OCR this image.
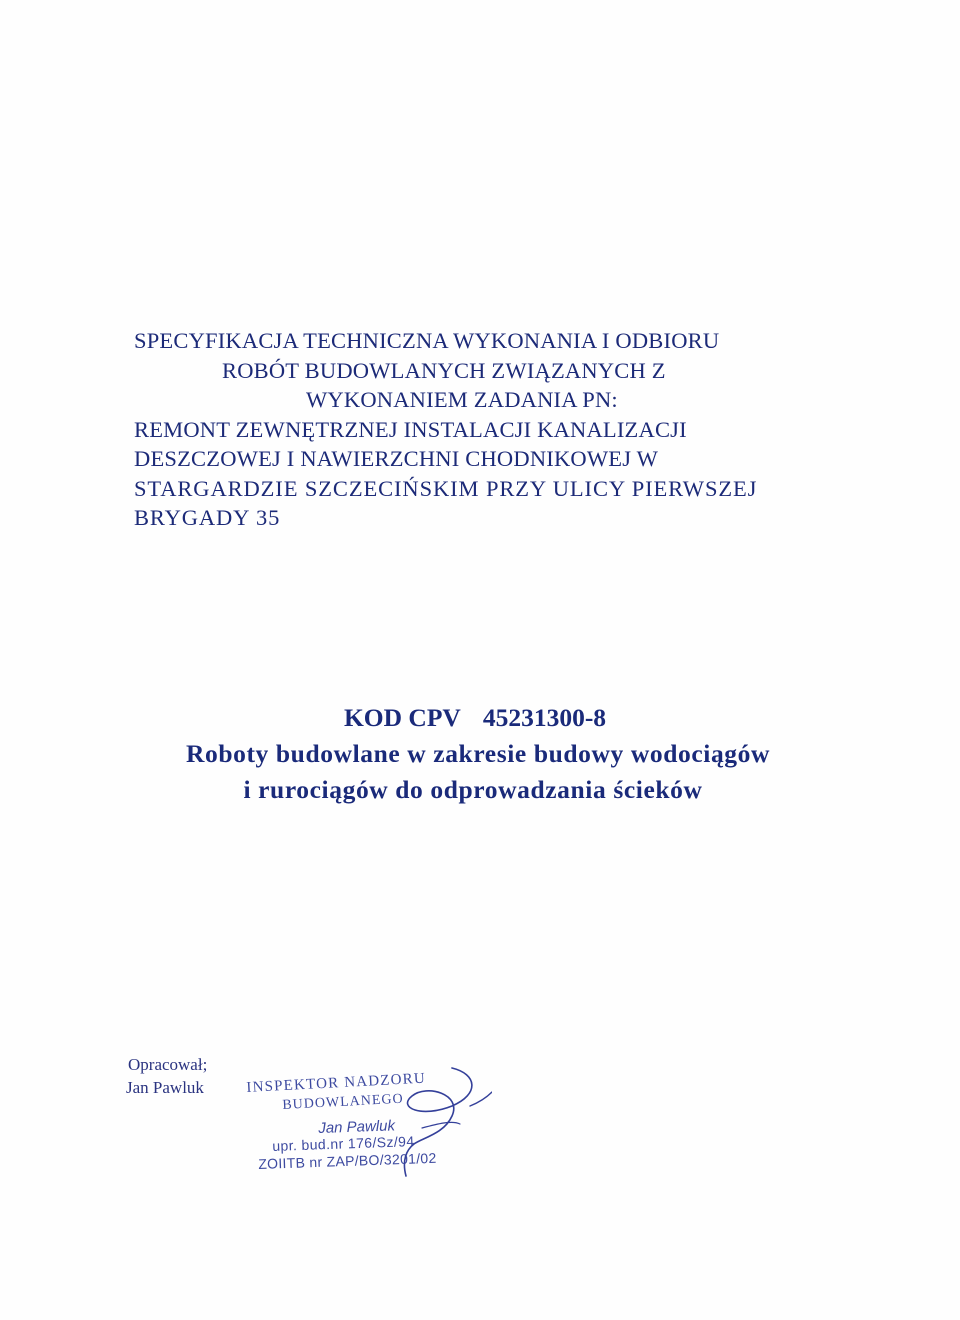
SPECYFIKACJA TECHNICZNA WYKONANIA I ODBIORU
ROBÓT BUDOWLANYCH ZWIĄZANYCH Z
WYKONANIEM ZADANIA PN:
REMONT ZEWNĘTRZNEJ INSTALACJI KANALIZACJI
DESZCZOWEJ I NAWIERZCHNI CHODNIKOWEJ W
STARGARDZIE SZCZECIŃSKIM PRZY ULICY PIERWSZEJ
BRYGADY 35
KOD CPV 45231300-8
Roboty budowlane w zakresie budowy wodociągów
i rurociągów do odprowadzania ścieków
Opracował;
Jan Pawluk	INSPEKTOR NADZORU
BUDOWLANEGO
Jan Pawluk
upr. bud.nr 176/Sz/94
ZOIITB nr ZAP/BO/3201/02
